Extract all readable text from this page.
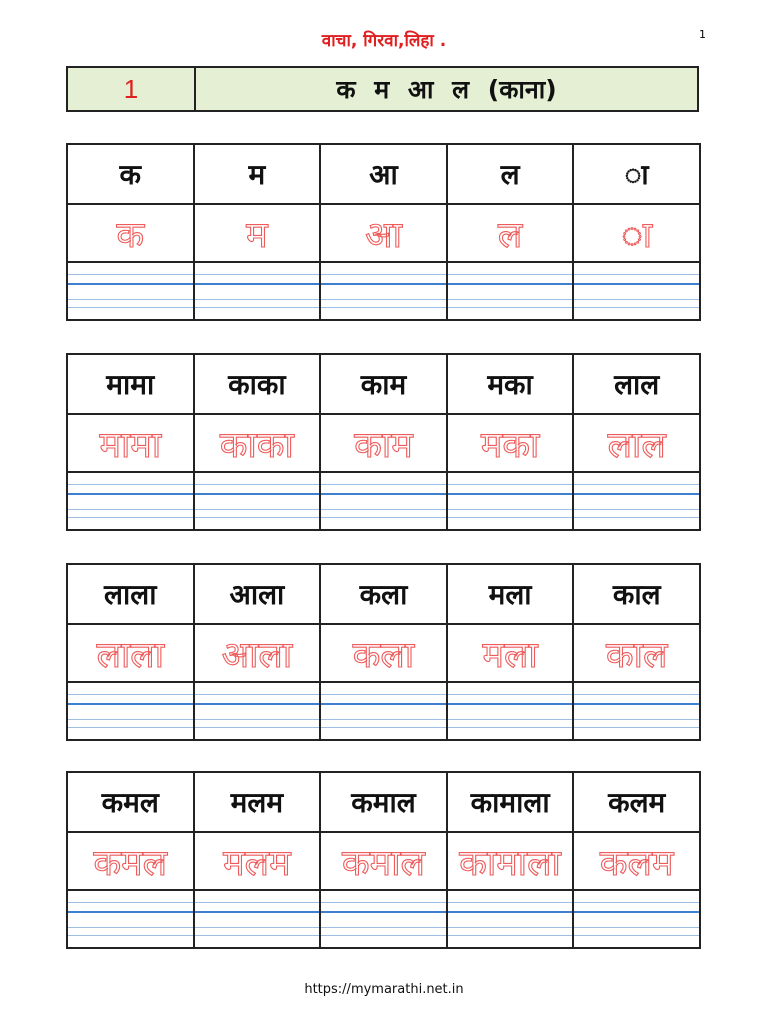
वाचा, गिरवा,लिहा .	1
1	क म आ ल (काना)
क	म	आ	ल	◌ा
क	म	आ	ल	ा

मामा	काका	काम	मका	लाल
मामा	काका	काम	मका	लाल

लाला	आला	कला	मला	काल
लाला	आला	कला	मला	काल

कमल	मलम	कमाल	कामाला	कलम
कमल	मलम	कमाल	कामाला	कलम

https://mymarathi.net.in
